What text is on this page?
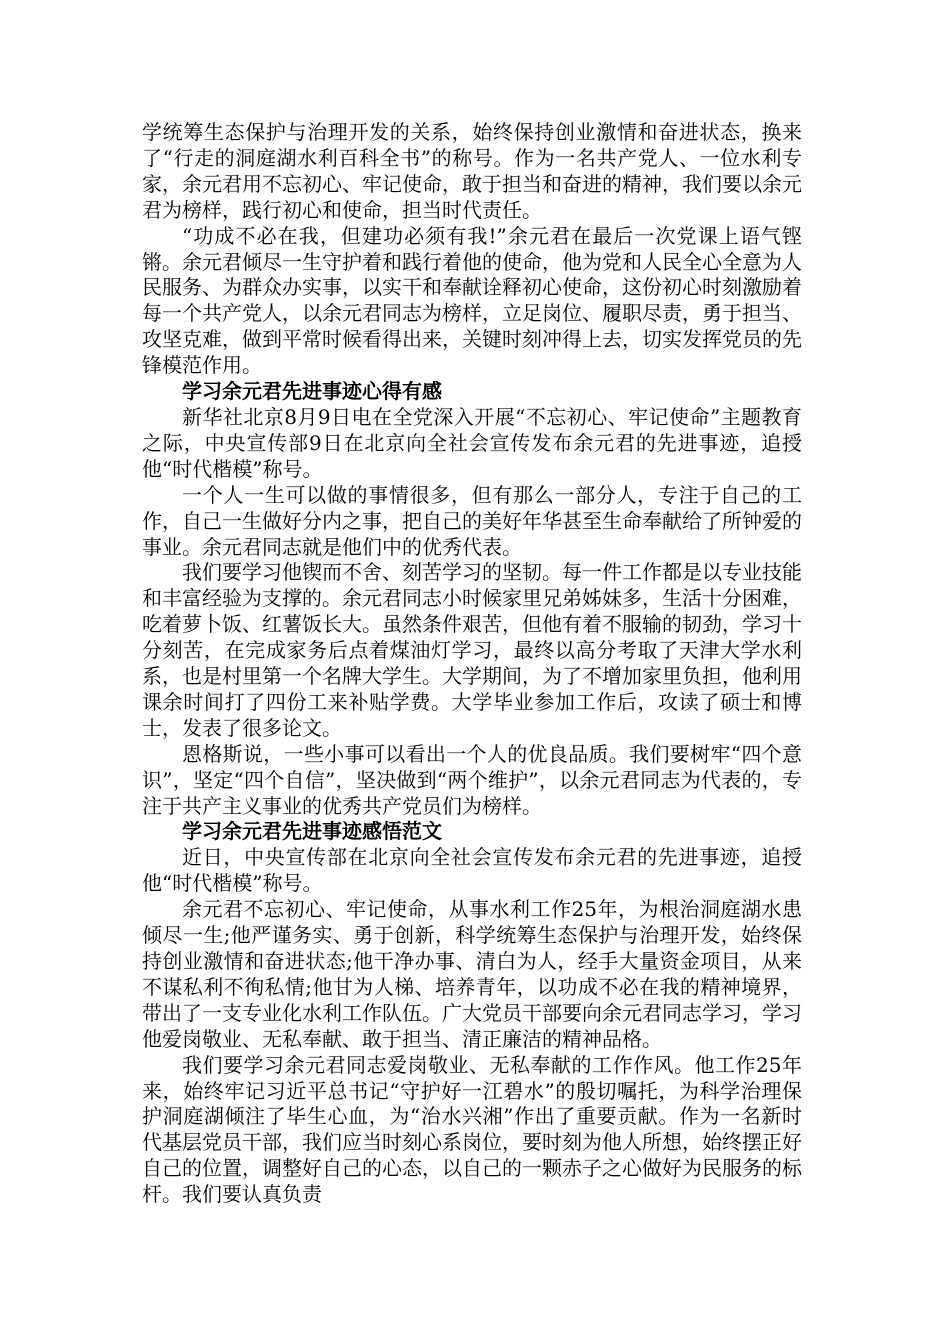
学统筹生态保护与治理开发的关系，始终保持创业激情和奋进状态，换来了“行走的洞庭湖水利百科全书”的称号。作为一名共产党人、一位水利专家，余元君用不忘初心、牢记使命，敢于担当和奋进的精神，我们要以余元君为榜样，践行初心和使命，担当时代责任。

“功成不必在我，但建功必须有我!”余元君在最后一次党课上语气铿锵。余元君倾尽一生守护着和践行着他的使命，他为党和人民全心全意为人民服务、为群众办实事，以实干和奉献诠释初心使命，这份初心时刻激励着每一个共产党人，以余元君同志为榜样，立足岗位、履职尽责，勇于担当、攻坚克难，做到平常时候看得出来，关键时刻冲得上去，切实发挥党员的先锋模范作用。

学习余元君先进事迹心得有感

新华社北京8月9日电在全党深入开展“不忘初心、牢记使命”主题教育之际，中央宣传部9日在北京向全社会宣传发布余元君的先进事迹，追授他“时代楷模”称号。

一个人一生可以做的事情很多，但有那么一部分人，专注于自己的工作，自己一生做好分内之事，把自己的美好年华甚至生命奉献给了所钟爱的事业。余元君同志就是他们中的优秀代表。

我们要学习他锲而不舍、刻苦学习的坚韧。每一件工作都是以专业技能和丰富经验为支撑的。余元君同志小时候家里兄弟姊妹多，生活十分困难，吃着萝卜饭、红薯饭长大。虽然条件艰苦，但他有着不服输的韧劲，学习十分刻苦，在完成家务后点着煤油灯学习，最终以高分考取了天津大学水利系，也是村里第一个名牌大学生。大学期间，为了不增加家里负担，他利用课余时间打了四份工来补贴学费。大学毕业参加工作后，攻读了硕士和博士，发表了很多论文。

恩格斯说，一些小事可以看出一个人的优良品质。我们要树牢“四个意识”，坚定“四个自信”，坚决做到“两个维护”，以余元君同志为代表的，专注于共产主义事业的优秀共产党员们为榜样。

学习余元君先进事迹感悟范文

近日，中央宣传部在北京向全社会宣传发布余元君的先进事迹，追授他“时代楷模”称号。

余元君不忘初心、牢记使命，从事水利工作25年，为根治洞庭湖水患倾尽一生;他严谨务实、勇于创新，科学统筹生态保护与治理开发，始终保持创业激情和奋进状态;他干净办事、清白为人，经手大量资金项目，从来不谋私利不徇私情;他甘为人梯、培养青年，以功成不必在我的精神境界，带出了一支专业化水利工作队伍。广大党员干部要向余元君同志学习，学习他爱岗敬业、无私奉献、敢于担当、清正廉洁的精神品格。

我们要学习余元君同志爱岗敬业、无私奉献的工作作风。他工作25年来，始终牢记习近平总书记“守护好一江碧水”的殷切嘱托，为科学治理保护洞庭湖倾注了毕生心血，为“治水兴湘”作出了重要贡献。作为一名新时代基层党员干部，我们应当时刻心系岗位，要时刻为他人所想，始终摆正好自己的位置，调整好自己的心态，以自己的一颗赤子之心做好为民服务的标杆。我们要认真负责
